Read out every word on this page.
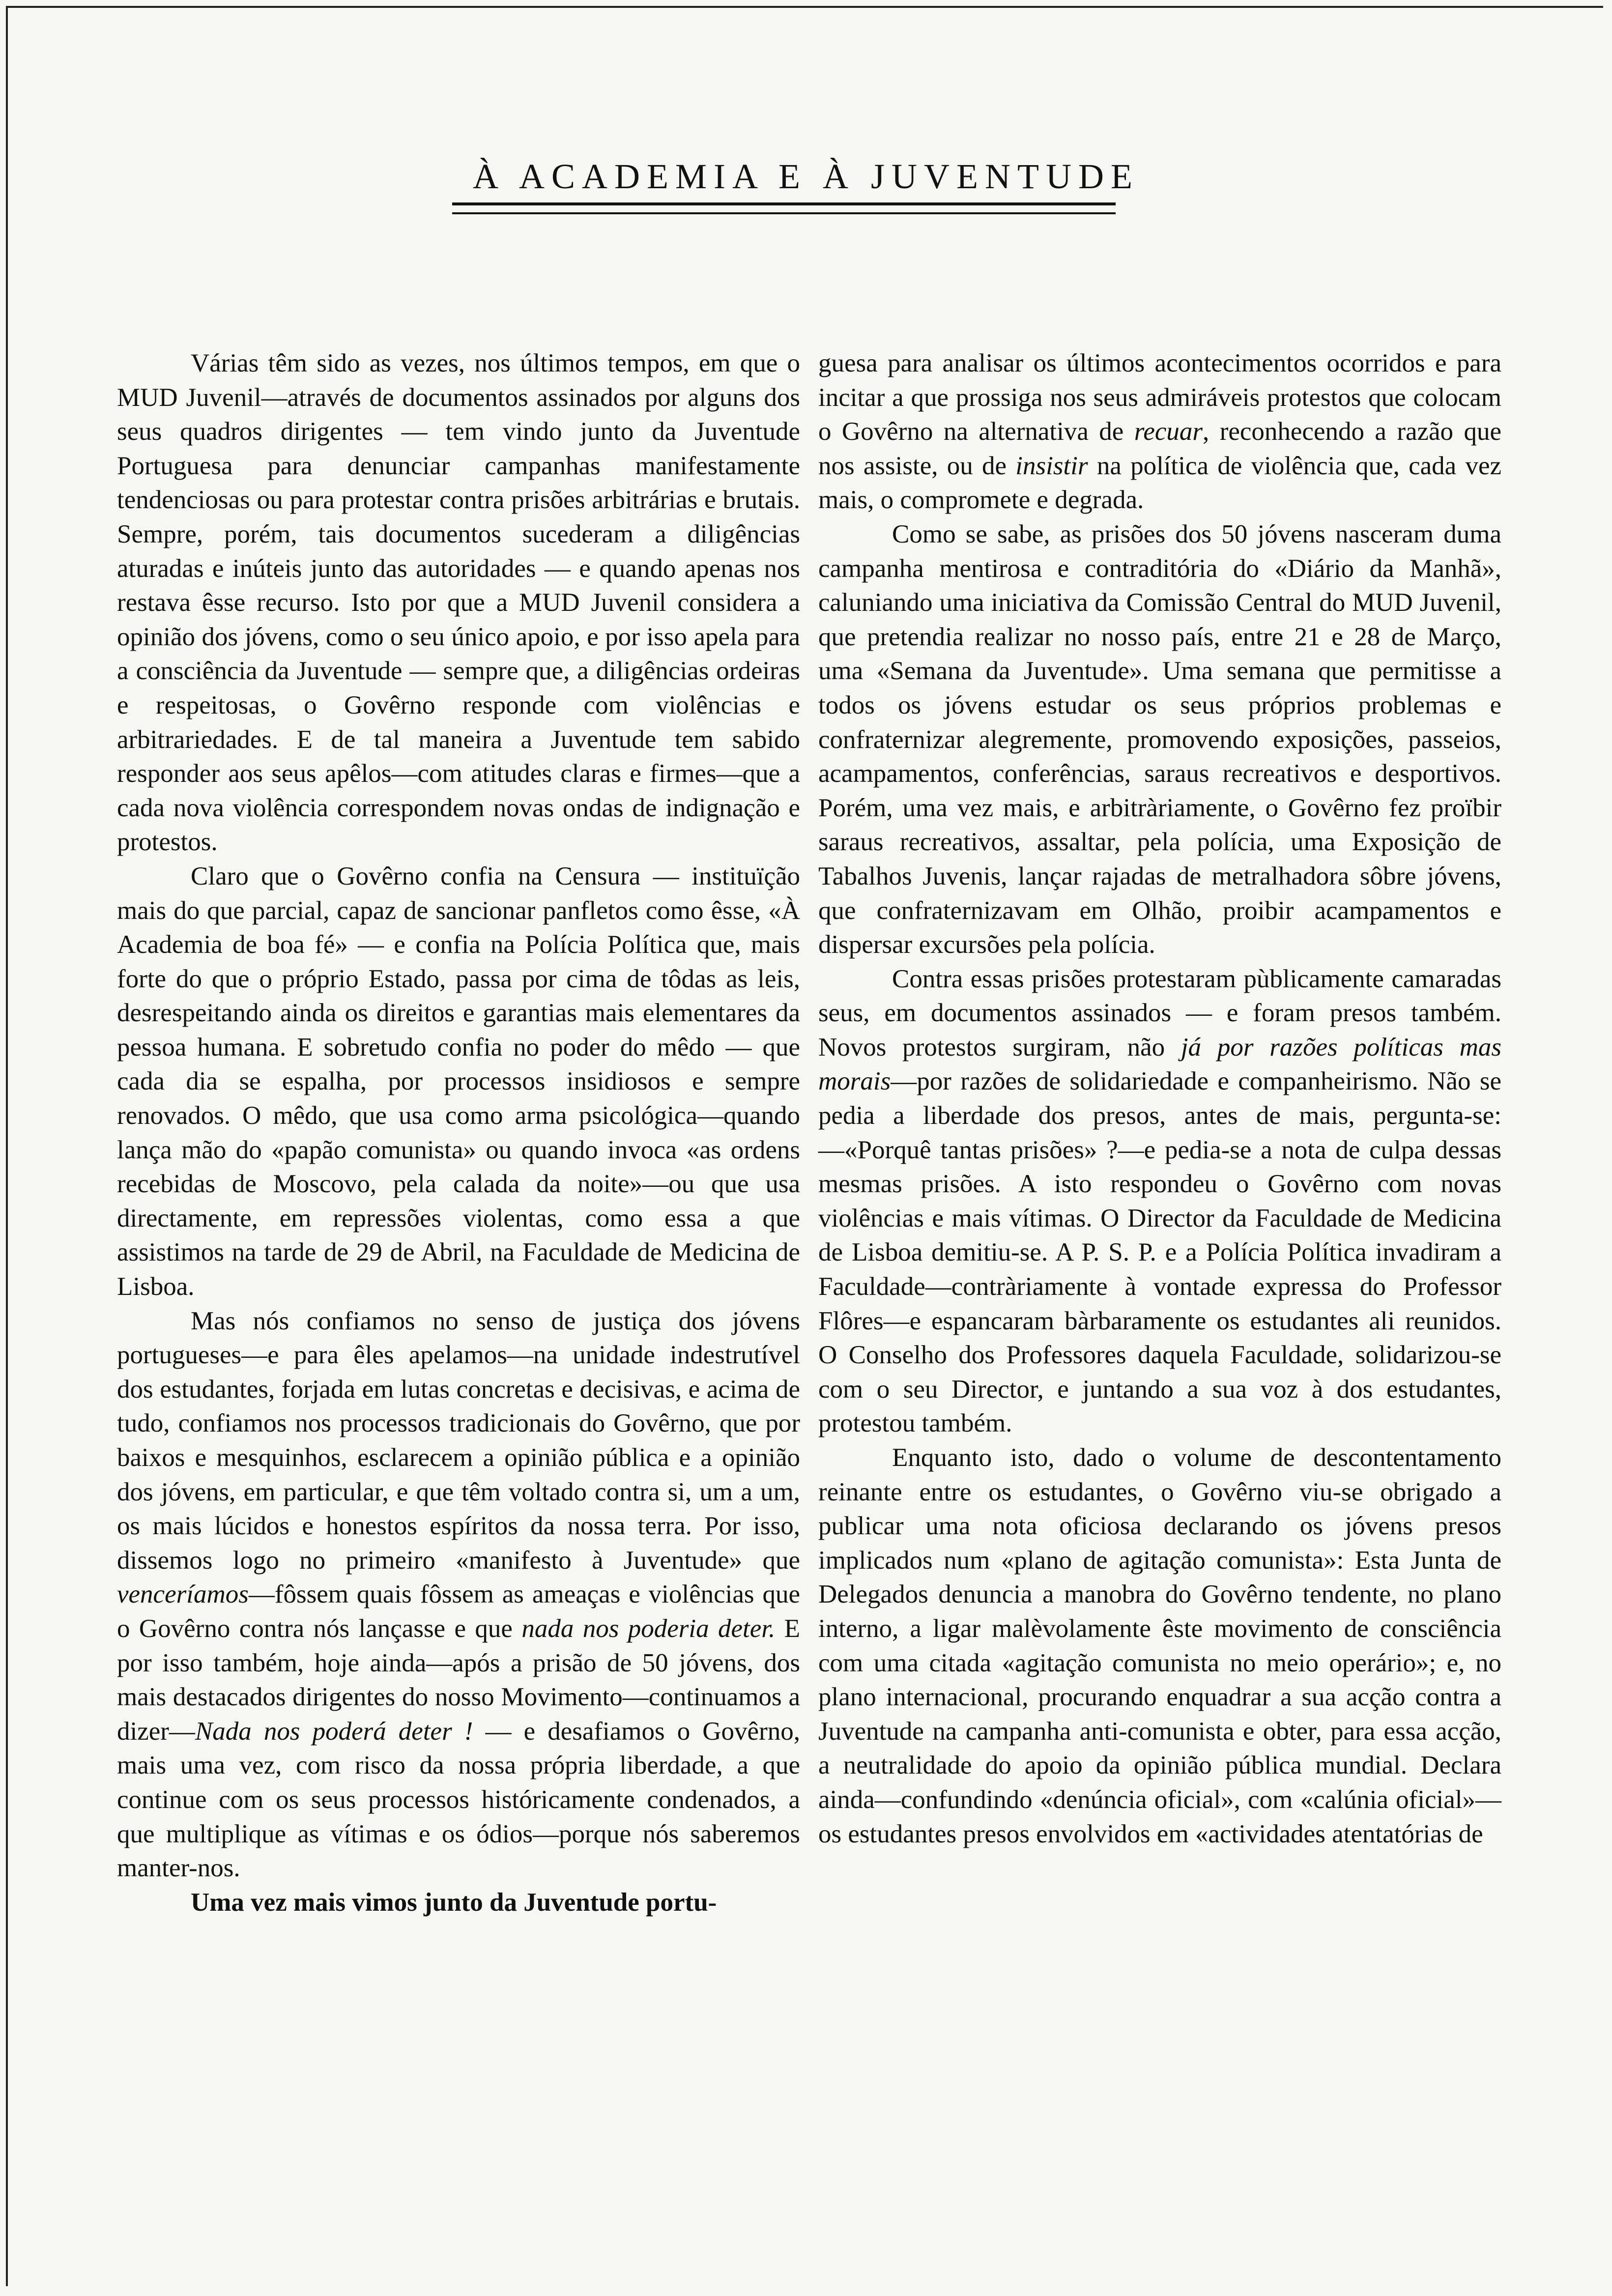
À ACADEMIA E À JUVENTUDE

Várias têm sido as vezes, nos últimos tempos, em que o MUD Juvenil—através de documentos assinados por alguns dos seus quadros dirigentes — tem vindo junto da Juventude Portuguesa para denunciar campanhas manifestamente tendenciosas ou para protestar contra prisões arbitrárias e brutais. Sempre, porém, tais documentos sucederam a diligências aturadas e inúteis junto das autoridades — e quando apenas nos restava êsse recurso. Isto por que a MUD Juvenil considera a opinião dos jóvens, como o seu único apoio, e por isso apela para a consciência da Juventude — sempre que, a diligências ordeiras e respeitosas, o Govêrno responde com violências e arbitrariedades. E de tal maneira a Juventude tem sabido responder aos seus apêlos—com atitudes claras e firmes—que a cada nova violência correspondem novas ondas de indignação e protestos.

Claro que o Govêrno confia na Censura — instituïção mais do que parcial, capaz de sancionar panfletos como êsse, «À Academia de boa fé» — e confia na Polícia Política que, mais forte do que o próprio Estado, passa por cima de tôdas as leis, desrespeitando ainda os direitos e garantias mais elementares da pessoa humana. E sobretudo confia no poder do mêdo — que cada dia se espalha, por processos insidiosos e sempre renovados. O mêdo, que usa como arma psicológica—quando lança mão do «papão comunista» ou quando invoca «as ordens recebidas de Moscovo, pela calada da noite»—ou que usa directamente, em repressões violentas, como essa a que assistimos na tarde de 29 de Abril, na Faculdade de Medicina de Lisboa.

Mas nós confiamos no senso de justiça dos jóvens portugueses—e para êles apelamos—na unidade indestrutível dos estudantes, forjada em lutas concretas e decisivas, e acima de tudo, confiamos nos processos tradicionais do Govêrno, que por baixos e mesquinhos, esclarecem a opinião pública e a opinião dos jóvens, em particular, e que têm voltado contra si, um a um, os mais lúcidos e honestos espíritos da nossa terra. Por isso, dissemos logo no primeiro «manifesto à Juventude» que venceríamos—fôssem quais fôssem as ameaças e violências que o Govêrno contra nós lançasse e que nada nos poderia deter. E por isso também, hoje ainda—após a prisão de 50 jóvens, dos mais destacados dirigentes do nosso Movimento—continuamos a dizer—Nada nos poderá deter ! — e desafiamos o Govêrno, mais uma vez, com risco da nossa própria liberdade, a que continue com os seus processos históricamente condenados, a que multiplique as vítimas e os ódios—porque nós saberemos manter-nos.

Uma vez mais vimos junto da Juventude portu-

guesa para analisar os últimos acontecimentos ocorridos e para incitar a que prossiga nos seus admiráveis protestos que colocam o Govêrno na alternativa de recuar, reconhecendo a razão que nos assiste, ou de insistir na política de violência que, cada vez mais, o compromete e degrada.

Como se sabe, as prisões dos 50 jóvens nasceram duma campanha mentirosa e contraditória do «Diário da Manhã», caluniando uma iniciativa da Comissão Central do MUD Juvenil, que pretendia realizar no nosso país, entre 21 e 28 de Março, uma «Semana da Juventude». Uma semana que permitisse a todos os jóvens estudar os seus próprios problemas e confraternizar alegremente, promovendo exposições, passeios, acampamentos, conferências, saraus recreativos e desportivos. Porém, uma vez mais, e arbitràriamente, o Govêrno fez proïbir saraus recreativos, assaltar, pela polícia, uma Exposição de Tabalhos Juvenis, lançar rajadas de metralhadora sôbre jóvens, que confraternizavam em Olhão, proibir acampamentos e dispersar excursões pela polícia.

Contra essas prisões protestaram pùblicamente camaradas seus, em documentos assinados — e foram presos também. Novos protestos surgiram, não já por razões políticas mas morais—por razões de solidariedade e companheirismo. Não se pedia a liberdade dos presos, antes de mais, pergunta-se:—«Porquê tantas prisões» ?—e pedia-se a nota de culpa dessas mesmas prisões. A isto respondeu o Govêrno com novas violências e mais vítimas. O Director da Faculdade de Medicina de Lisboa demitiu-se. A P. S. P. e a Polícia Política invadiram a Faculdade—contràriamente à vontade expressa do Professor Flôres—e espancaram bàrbaramente os estudantes ali reunidos. O Conselho dos Professores daquela Faculdade, solidarizou-se com o seu Director, e juntando a sua voz à dos estudantes, protestou também.

Enquanto isto, dado o volume de descontentamento reinante entre os estudantes, o Govêrno viu-se obrigado a publicar uma nota oficiosa declarando os jóvens presos implicados num «plano de agitação comunista»: Esta Junta de Delegados denuncia a manobra do Govêrno tendente, no plano interno, a ligar malèvolamente êste movimento de consciência com uma citada «agitação comunista no meio operário»; e, no plano internacional, procurando enquadrar a sua acção contra a Juventude na campanha anti-comunista e obter, para essa acção, a neutralidade do apoio da opinião pública mundial. Declara ainda—confundindo «denúncia oficial», com «calúnia oficial»—os estudantes presos envolvidos em «actividades atentatórias de
